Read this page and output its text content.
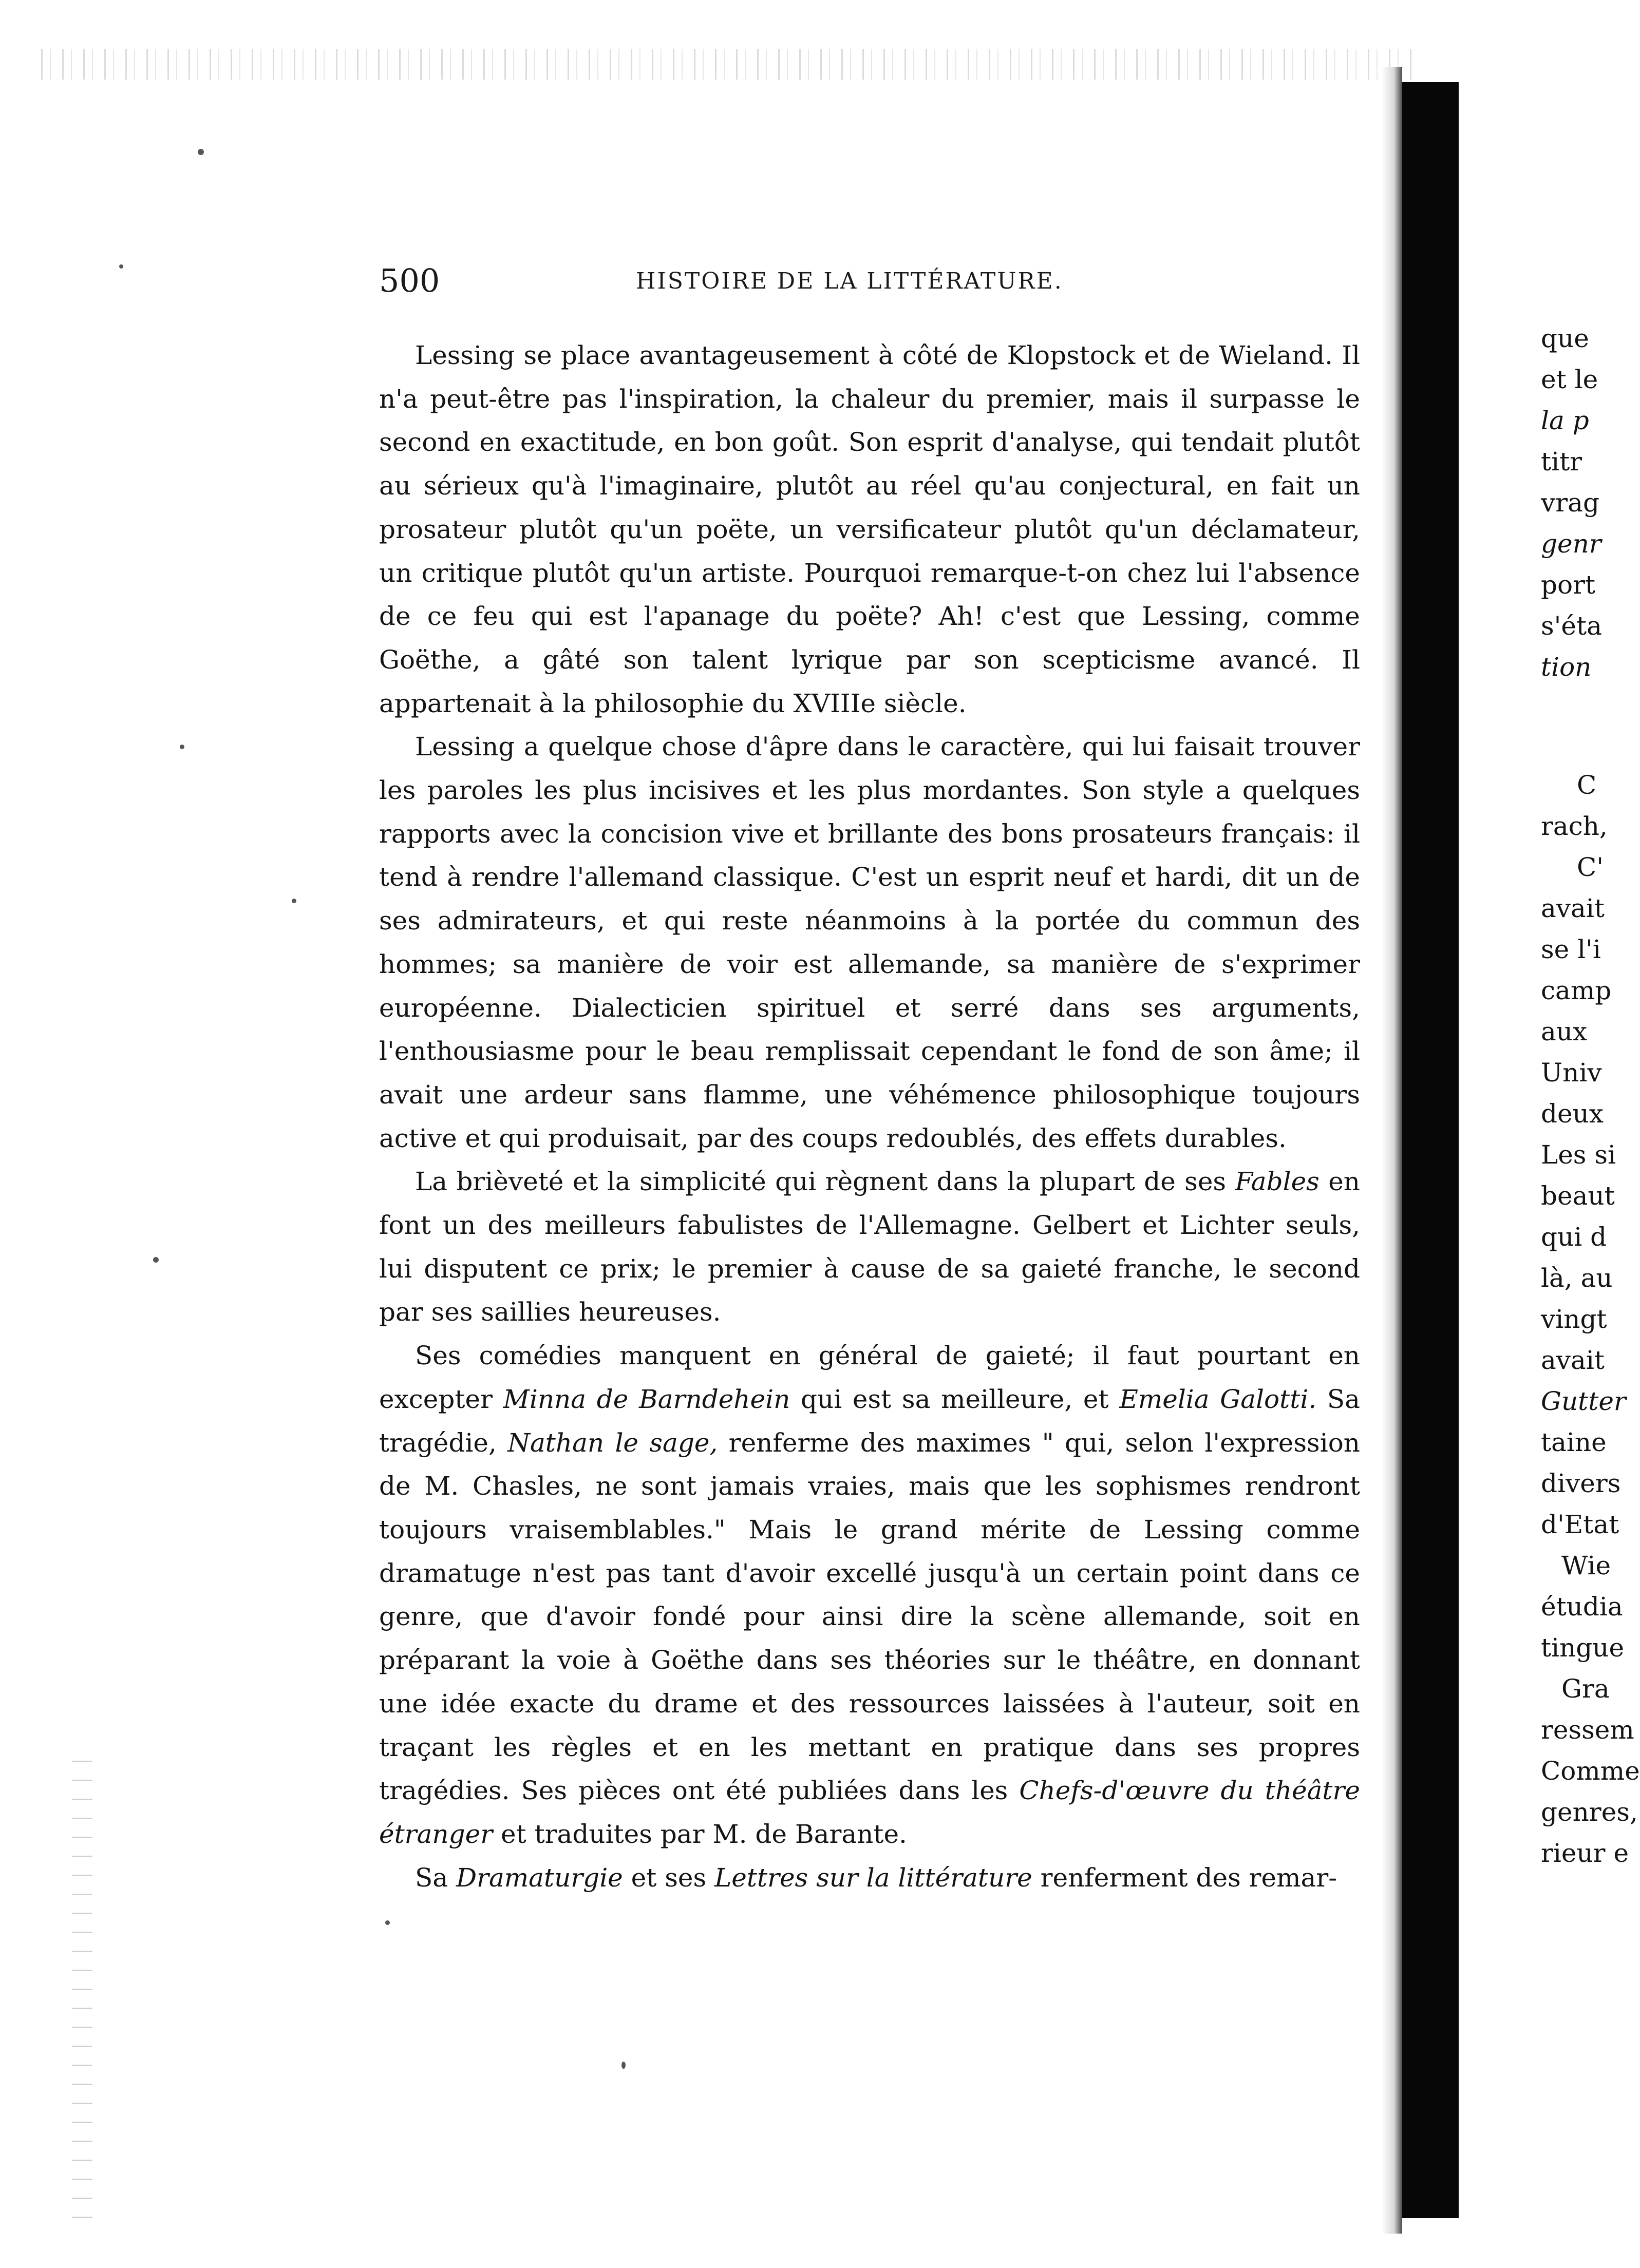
500	HISTOIRE DE LA LITTÉRATURE.

Lessing se place avantageusement à côté de Klopstock et de Wieland. Il n'a peut-être pas l'inspiration, la chaleur du premier, mais il surpasse le second en exactitude, en bon goût. Son esprit d'analyse, qui tendait plutôt au sérieux qu'à l'imaginaire, plutôt au réel qu'au conjectural, en fait un prosateur plutôt qu'un poëte, un versificateur plutôt qu'un déclamateur, un critique plutôt qu'un artiste. Pourquoi remarque-t-on chez lui l'absence de ce feu qui est l'apanage du poëte? Ah! c'est que Lessing, comme Goëthe, a gâté son talent lyrique par son scepticisme avancé. Il appartenait à la philosophie du XVIIIe siècle.

Lessing a quelque chose d'âpre dans le caractère, qui lui faisait trouver les paroles les plus incisives et les plus mordantes. Son style a quelques rapports avec la concision vive et brillante des bons prosateurs français: il tend à rendre l'allemand classique. C'est un esprit neuf et hardi, dit un de ses admirateurs, et qui reste néanmoins à la portée du commun des hommes; sa manière de voir est allemande, sa manière de s'exprimer européenne. Dialecticien spirituel et serré dans ses arguments, l'enthousiasme pour le beau remplissait cependant le fond de son âme; il avait une ardeur sans flamme, une véhémence philosophique toujours active et qui produisait, par des coups redoublés, des effets durables.

La brièveté et la simplicité qui règnent dans la plupart de ses Fables en font un des meilleurs fabulistes de l'Allemagne. Gelbert et Lichter seuls, lui disputent ce prix; le premier à cause de sa gaieté franche, le second par ses saillies heureuses.

Ses comédies manquent en général de gaieté; il faut pourtant en excepter Minna de Barndehein qui est sa meilleure, et Emelia Galotti. Sa tragédie, Nathan le sage, renferme des maximes " qui, selon l'expression de M. Chasles, ne sont jamais vraies, mais que les sophismes rendront toujours vraisemblables." Mais le grand mérite de Lessing comme dramatuge n'est pas tant d'avoir excellé jusqu'à un certain point dans ce genre, que d'avoir fondé pour ainsi dire la scène allemande, soit en préparant la voie à Goëthe dans ses théories sur le théâtre, en donnant une idée exacte du drame et des ressources laissées à l'auteur, soit en traçant les règles et en les mettant en pratique dans ses propres tragédies. Ses pièces ont été publiées dans les Chefs-d'œuvre du théâtre étranger et traduites par M. de Barante.

Sa Dramaturgie et ses Lettres sur la littérature renferment des remar-

que
et le
la p
titr
vrag
genr
port
s'éta
tion
C
rach,
C'
avait
se l'i
camp
aux
Univ
deux
Les si
beaut
qui d
là, au
vingt
avait
Gutter
taine
divers
d'Etat
Wie
étudia
tingue
Gra
ressem
Comme
genres,
rieur e
